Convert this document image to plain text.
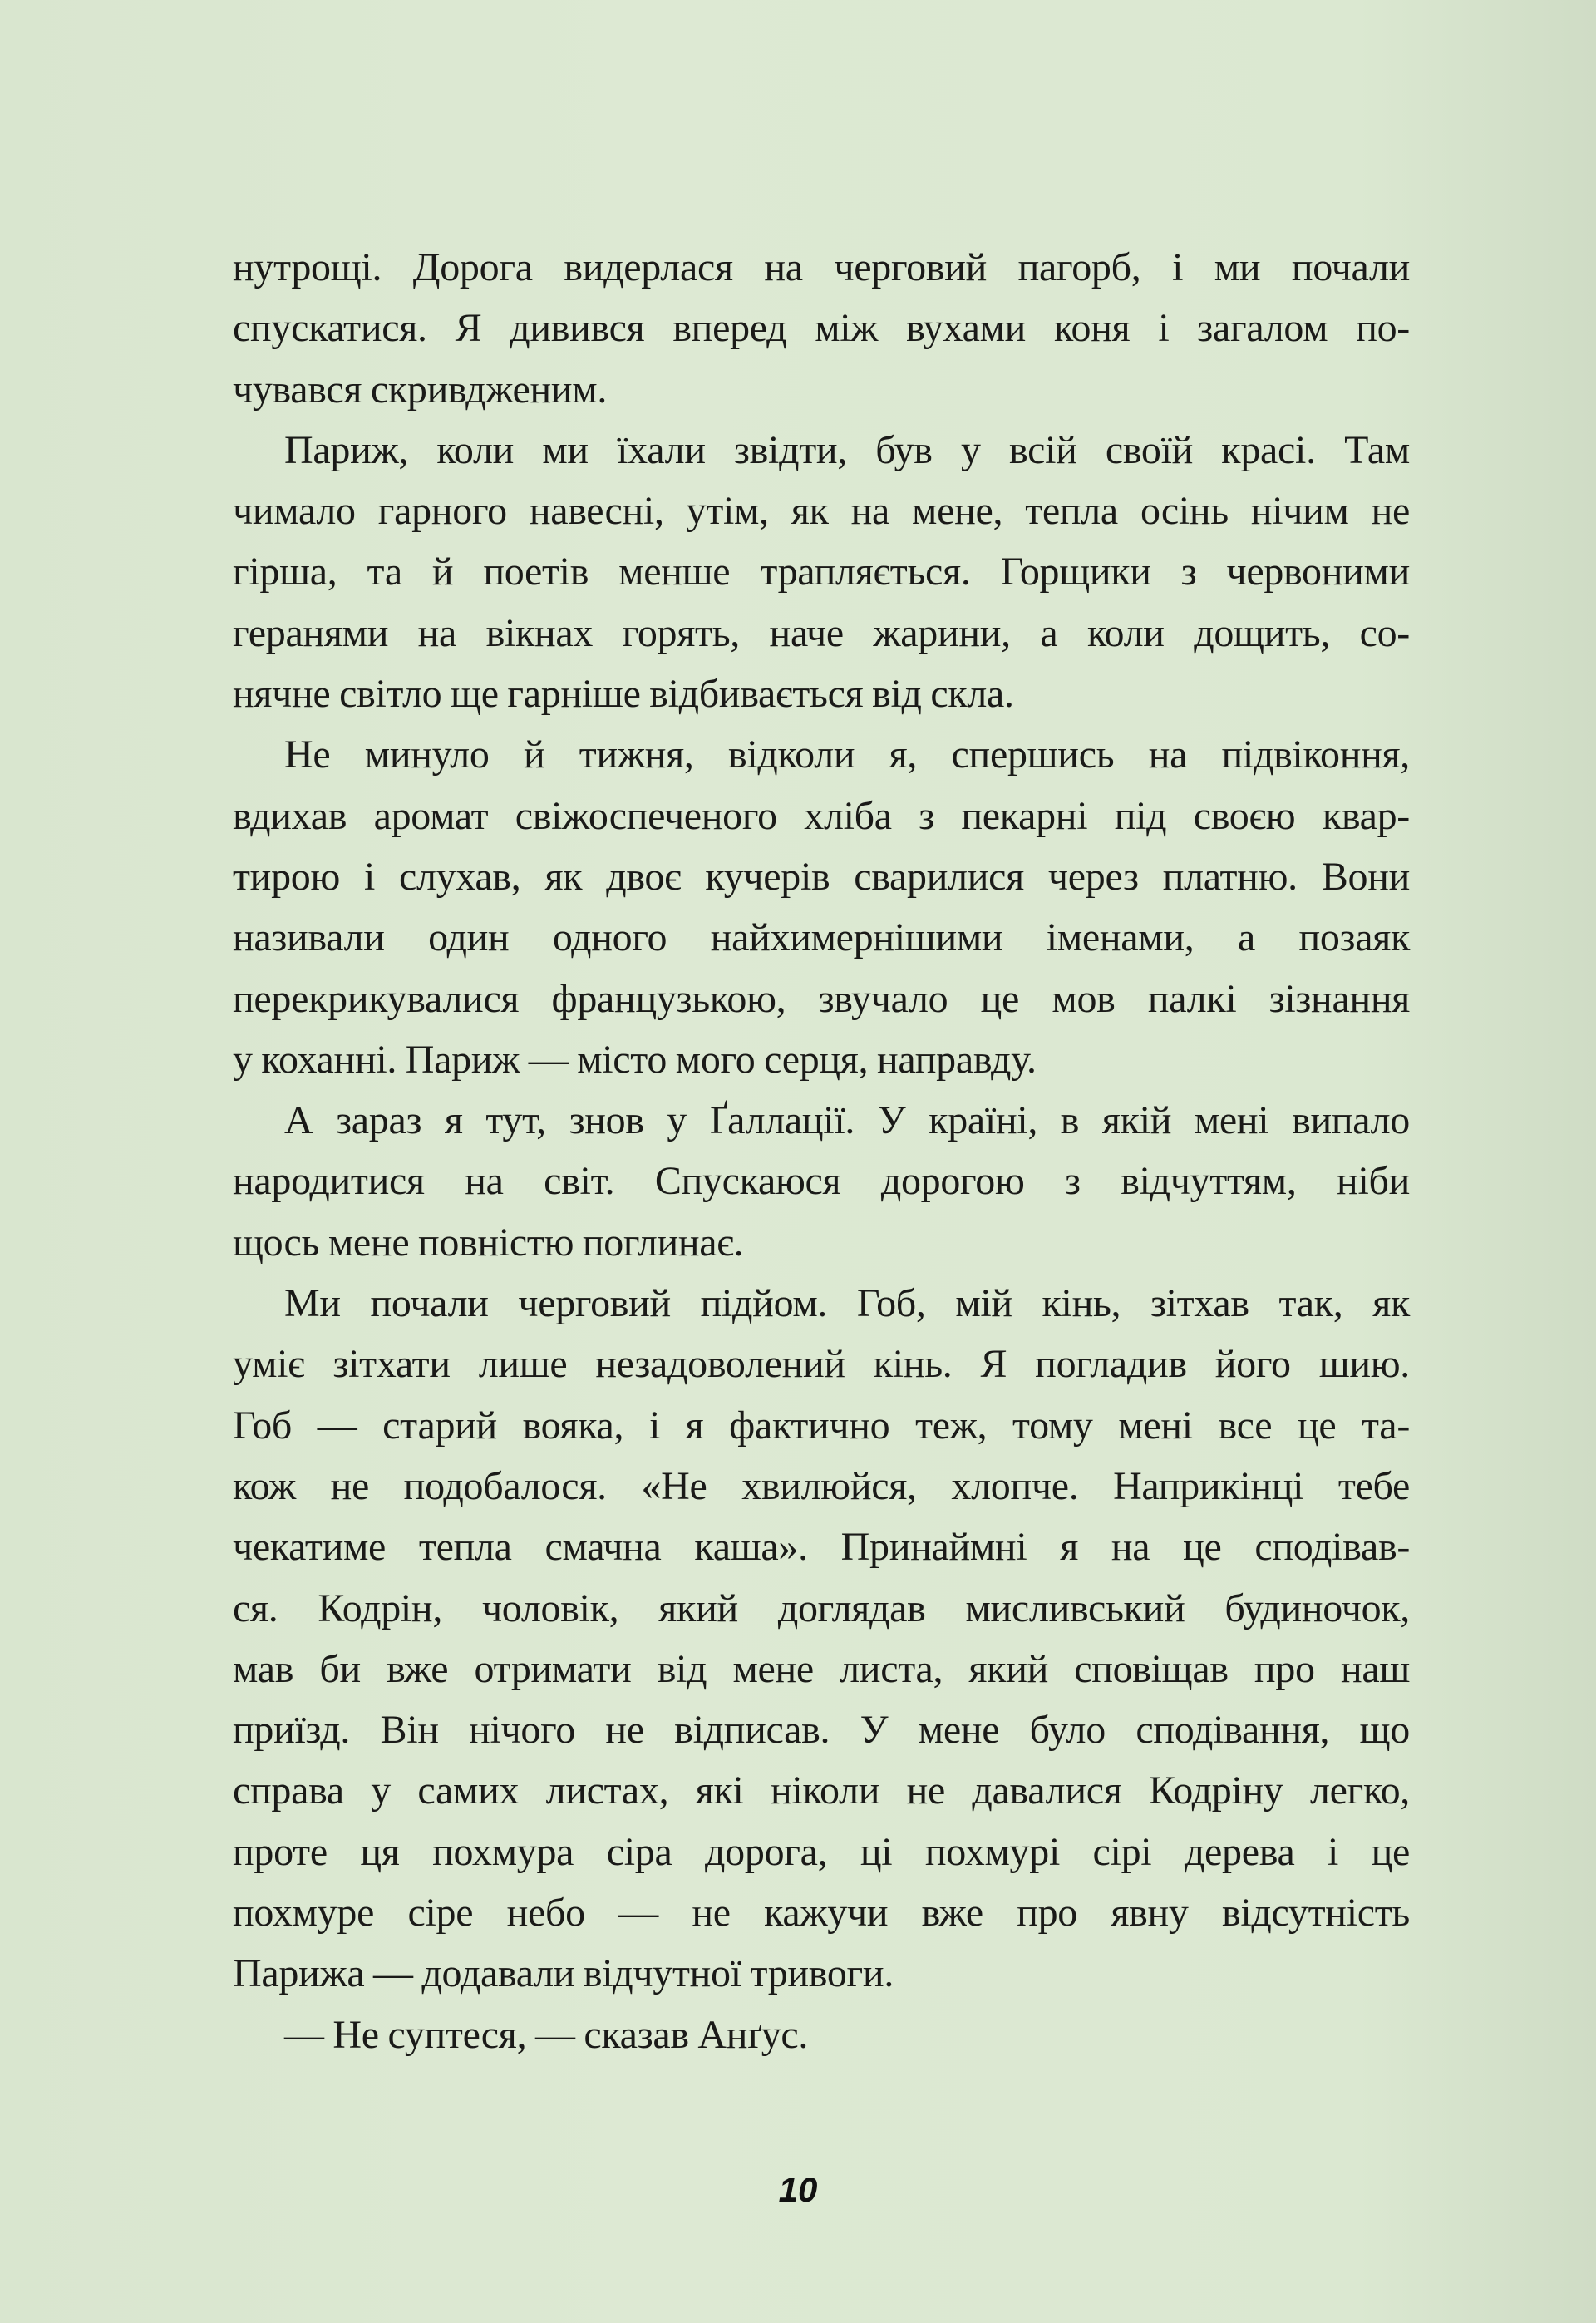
нутрощі. Дорога видерлася на черговий пагорб, і ми почали
спускатися. Я дивився вперед між вухами коня і загалом по-
чувався скривдженим.

Париж, коли ми їхали звідти, був у всій своїй красі. Там
чимало гарного навесні, утім, як на мене, тепла осінь нічим не
гірша, та й поетів менше трапляється. Горщики з червоними
геранями на вікнах горять, наче жарини, а коли дощить, со-
нячне світло ще гарніше відбивається від скла.

Не минуло й тижня, відколи я, спершись на підвіконня,
вдихав аромат свіжоспеченого хліба з пекарні під своєю квар-
тирою і слухав, як двоє кучерів сварилися через платню. Вони
називали один одного найхимернішими іменами, а позаяк
перекрикувалися французькою, звучало це мов палкі зізнання
у коханні. Париж — місто мого серця, направду.

А зараз я тут, знов у Ґаллації. У країні, в якій мені випало
народитися на світ. Спускаюся дорогою з відчуттям, ніби
щось мене повністю поглинає.

Ми почали черговий підйом. Гоб, мій кінь, зітхав так, як
уміє зітхати лише незадоволений кінь. Я погладив його шию.
Гоб — старий вояка, і я фактично теж, тому мені все це та-
кож не подобалося. «Не хвилюйся, хлопче. Наприкінці тебе
чекатиме тепла смачна каша». Принаймні я на це сподівав-
ся. Кодрін, чоловік, який доглядав мисливський будиночок,
мав би вже отримати від мене листа, який сповіщав про наш
приїзд. Він нічого не відписав. У мене було сподівання, що
справа у самих листах, які ніколи не давалися Кодріну легко,
проте ця похмура сіра дорога, ці похмурі сірі дерева і це
похмуре сіре небо — не кажучи вже про явну відсутність
Парижа — додавали відчутної тривоги.

— Не суптеся, — сказав Анґус.

10
